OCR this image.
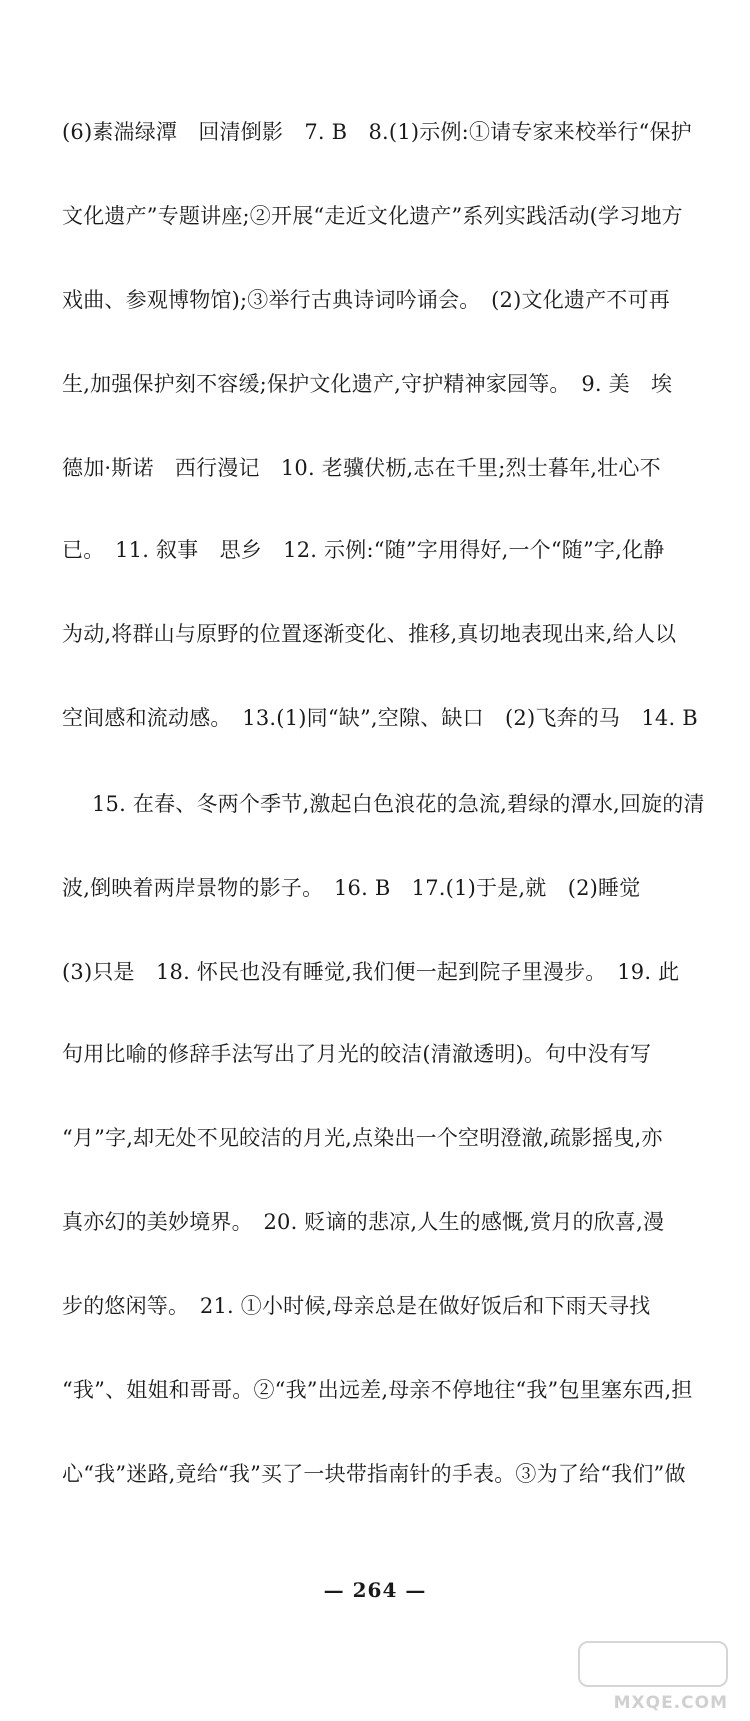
(6)素湍绿潭　回清倒影　7. B　8.(1)示例:①请专家来校举行“保护
文化遗产”专题讲座;②开展“走近文化遗产”系列实践活动(学习地方
戏曲、参观博物馆);③举行古典诗词吟诵会。　(2)文化遗产不可再
生,加强保护刻不容缓;保护文化遗产,守护精神家园等。　9. 美　埃
德加·斯诺　西行漫记　10. 老骥伏枥,志在千里;烈士暮年,壮心不
已。　11. 叙事　思乡　12. 示例:“随”字用得好,一个“随”字,化静
为动,将群山与原野的位置逐渐变化、推移,真切地表现出来,给人以
空间感和流动感。　13.(1)同“缺”,空隙、缺口　(2)飞奔的马　14. B
15. 在春、冬两个季节,激起白色浪花的急流,碧绿的潭水,回旋的清
波,倒映着两岸景物的影子。　16. B　17.(1)于是,就　(2)睡觉
(3)只是　18. 怀民也没有睡觉,我们便一起到院子里漫步。　19. 此
句用比喻的修辞手法写出了月光的皎洁(清澈透明)。句中没有写
“月”字,却无处不见皎洁的月光,点染出一个空明澄澈,疏影摇曳,亦
真亦幻的美妙境界。　20. 贬谪的悲凉,人生的感慨,赏月的欣喜,漫
步的悠闲等。　21. ①小时候,母亲总是在做好饭后和下雨天寻找
“我”、姐姐和哥哥。②“我”出远差,母亲不停地往“我”包里塞东西,担
心“我”迷路,竟给“我”买了一块带指南针的手表。③为了给“我们”做
— 264 —
MXQE.COM
